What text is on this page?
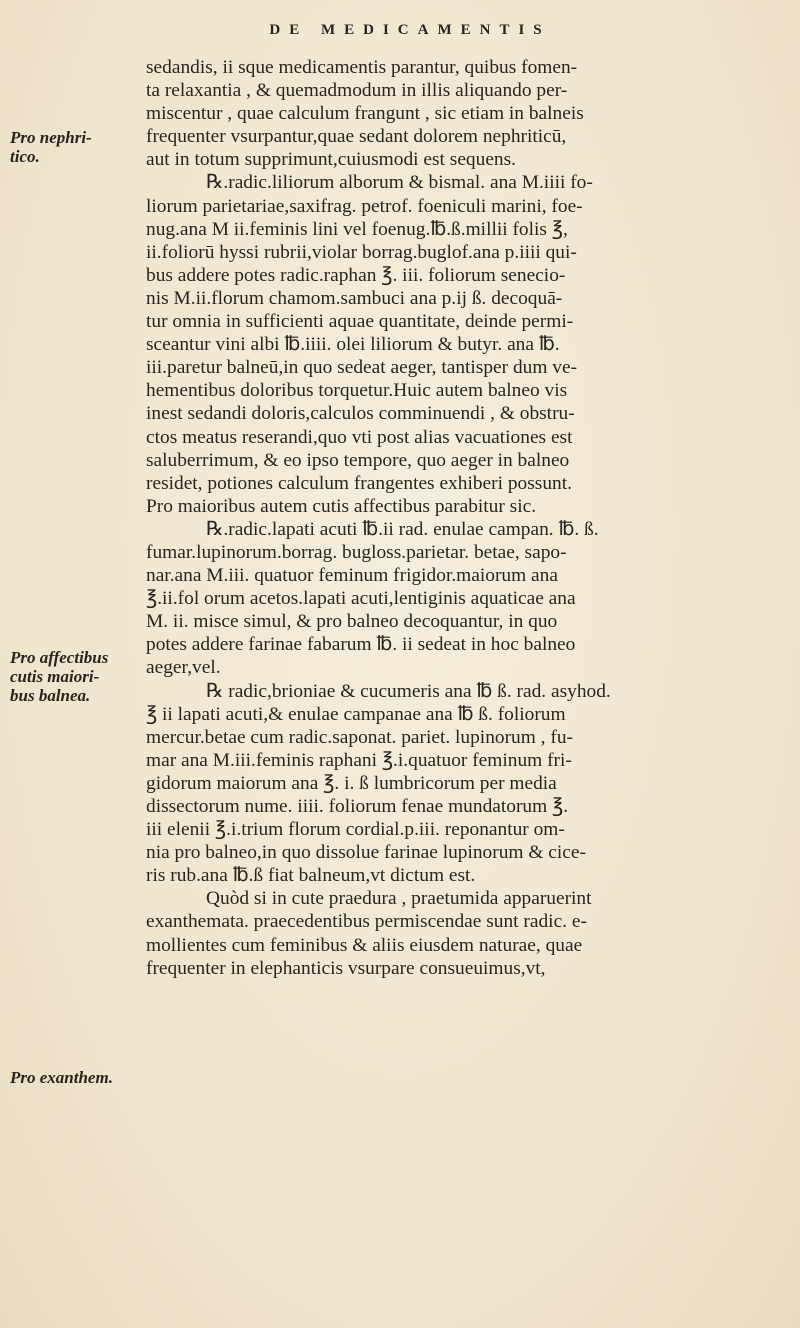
DE MEDICAMENTIS
Pro nephri-
tico.
Pro affectibus
cutis maiori-
bus balnea.
Pro exanthem.
sedandis, ii sque medicamentis parantur, quibus fomen-
ta relaxantia , & quemadmodum in illis aliquando per-
miscentur , quae calculum frangunt , sic etiam in balneis
frequenter vsurpantur,quae sedant dolorem nephriticū,
aut in totum supprimunt,cuiusmodi est sequens.
℞.radic.liliorum alborum & bismal. ana M.iiii fo-
liorum parietariae,saxifrag. petrof. foeniculi marini, foe-
nug.ana M ii.feminis lini vel foenug.℔.ß.millii folis ℥,
ii.foliorū hyssi rubrii,violar borrag.buglof.ana p.iiii qui-
bus addere potes radic.raphan ℥. iii. foliorum senecio-
nis M.ii.florum chamom.sambuci ana p.ij ß. decoquā-
tur omnia in sufficienti aquae quantitate, deinde permi-
sceantur vini albi ℔.iiii. olei liliorum & butyr. ana ℔.
iii.paretur balneū,in quo sedeat aeger, tantisper dum ve-
hementibus doloribus torquetur.Huic autem balneo vis
inest sedandi doloris,calculos comminuendi , & obstru-
ctos meatus reserandi,quo vti post alias vacuationes est
saluberrimum, & eo ipso tempore, quo aeger in balneo
residet, potiones calculum frangentes exhiberi possunt.
Pro maioribus autem cutis affectibus parabitur sic.
℞.radic.lapati acuti ℔.ii rad. enulae campan. ℔. ß.
fumar.lupinorum.borrag. bugloss.parietar. betae, sapo-
nar.ana M.iii. quatuor feminum frigidor.maiorum ana
℥.ii.fol orum acetos.lapati acuti,lentiginis aquaticae ana
M. ii. misce simul, & pro balneo decoquantur, in quo
potes addere farinae fabarum ℔. ii sedeat in hoc balneo
aeger,vel.
℞ radic,brioniae & cucumeris ana ℔ ß. rad. asyhod.
℥ ii lapati acuti,& enulae campanae ana ℔ ß. foliorum
mercur.betae cum radic.saponat. pariet. lupinorum , fu-
mar ana M.iii.feminis raphani ℥.i.quatuor feminum fri-
gidorum maiorum ana ℥. i. ß lumbricorum per media
dissectorum nume. iiii. foliorum fenae mundatorum ℥.
iii elenii ℥.i.trium florum cordial.p.iii. reponantur om-
nia pro balneo,in quo dissolue farinae lupinorum & cice-
ris rub.ana ℔.ß fiat balneum,vt dictum est.
Quòd si in cute praedura , praetumida apparuerint
exanthemata. praecedentibus permiscendae sunt radic. e-
mollientes cum feminibus & aliis eiusdem naturae, quae
frequenter in elephanticis vsurpare consueuimus,vt,
